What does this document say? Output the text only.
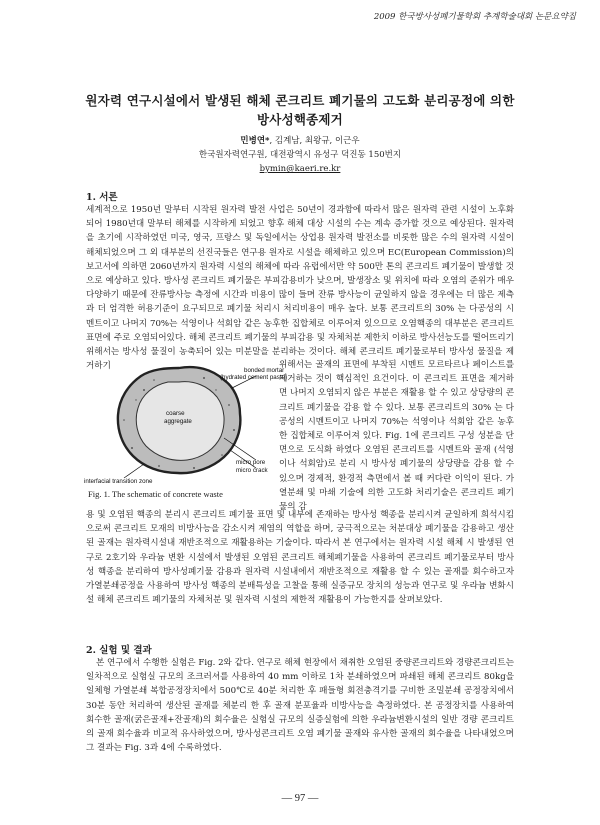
2009 한국방사성폐기물학회 추계학술대회 논문요약집
원자력 연구시설에서 발생된 해체 콘크리트 폐기물의 고도화 분리공정에 의한
방사성핵종제거
민병연*, 김계남, 최왕규, 이근우
한국원자력연구원, 대전광역시 유성구 덕진동 150번지
bymin@kaeri.re.kr
1. 서론

세계적으로 1950년 말부터 시작된 원자력 발전 사업은 50년이 경과함에 따라서 많은 원자력 관련 시설이 노후화되어 1980년대 말부터 해체를 시작하게 되었고 향후 해체 대상 시설의 수는 계속 증가할 것으로 예상된다. 원자력을 초기에 시작하였던 미국, 영국, 프랑스 및 독일에서는 상업용 원자력 발전소를 비롯한 많은 수의 원자력 시설이 해체되었으며 그 외 대부분의 선진국들은 연구용 원자로 시설을 해체하고 있으며 EC(European Commission)의 보고서에 의하면 2060년까지 원자력 시설의 해체에 따라 유럽에서만 약 500만 톤의 콘크리트 폐기물이 발생할 것으로 예상하고 있다. 방사성 콘크리트 폐기물은 부피감용비가 낮으며, 발생장소 및 위치에 따라 오염의 준위가 매우 다양하기 때문에 잔류방사능 측정에 시간과 비용이 많이 들며 잔류 방사능이 균일하지 않을 경우에는 더 많은 제측과 더 엄격한 허용기준이 요구되므로 폐기물 처리시 처리비용이 매우 높다. 보통 콘크리트의 30% 는 다공성의 시멘트이고 나머지 70%는 석영이나 석회암 같은 농후한 집합체로 이루어져 있으므로 오염핵종의 대부분은 콘크리트 표면에 주로 오염되어있다. 해체 콘크리트 폐기물의 부피감용 및 자체처분 제한치 이하로 방사선능도를 떨어뜨리기 위해서는 방사성 물질이 농축되어 있는 미분말을 분리하는 것이다. 해체 콘크리트 폐기물로부터 방사성 물질을 제거하기

coarse
aggregate
bonded mortar
(hydrated cement paste)
micro pore
micro crack
interfacial transition zone
Fig. 1. The schematic of concrete waste

위해서는 골재의 표면에 부착된 시멘트 모르타르나 페이스트를 제거하는 것이 핵심적인 요건이다. 이 콘크리트 표면을 제거하면 나머지 오염되지 않은 부분은 재활용 할 수 있고 상당량의 콘크리트 폐기물을 감용 할 수 있다. 보통 콘크리트의 30% 는 다공성의 시멘트이고 나머지 70%는 석영이나 석회암 같은 농후한 집합체로 이루어져 있다. Fig. 1에 콘크리트 구성 성분을 단면으로 도식화 하였다 오염된 콘크리트를 시멘트와 골재 (석영이나 석회암)로 분리 시 방사성 폐기물의 상당량을 감용 할 수 있으며 경제적, 환경적 측면에서 볼 때 커다란 이익이 된다. 가열분쇄 및 마쇄 기술에 의한 고도화 처리기술은 콘크리트 폐기물의 감

2. 실험 및 결과

본 연구에서 수행한 실험은 Fig. 2와 같다. 연구로 해체 현장에서 채취한 오염된 중량콘크리트와 경량콘크리트는 일차적으로 실험실 규모의 조크러셔를 사용하여 40 mm 이하로 1차 분쇄하였으며 파쇄된 해체 콘크리트 80kg을 일체형 가열분쇄 복합공정장치에서 500℃로 40분 처리한 후 패들형 회전충격기를 구비한 조밀분쇄 공정장치에서 30분 동안 처리하여 생산된 골재를 체분리 한 후 골재 분포율과 비방사능을 측정하였다. 본 공정장치를 사용하여 회수한 골재(굵은골재+잔골재)의 회수율은 실험실 규모의 실증실험에 의한 우라늄변환시설의 일반 경량 콘크리트의 골재 회수율과 비교적 유사하였으며, 방사성콘크리트 오염 폐기물 골재와 유사한 골재의 회수율을 나타내었으며 그 결과는 Fig. 3과 4에 수록하였다.

— 97 —

용 및 오염된 핵종의 분리시 콘크리트 폐기물 표면 및 내부에 존재하는 방사성 핵종을 분리시켜 균일하게 희석시킴으로써 콘크리트 모재의 비방사능을 감소시켜 제염의 역할을 하며, 궁극적으로는 처분대상 폐기물을 감용하고 생산된 골재는 원자력시설내 재반조적으로 재활용하는 기술이다. 따라서 본 연구에서는 원자력 시설 해체 시 발생된 연구로 2호기와 우라늄 변환 시설에서 발생된 오염된 콘크리트 해체폐기물을 사용하여 콘크리트 폐기물로부터 방사성 핵종을 분리하여 방사성폐기물 감용과 원자력 시설내에서 재반조적으로 재활용 할 수 있는 골재를 회수하고자 가열분쇄공정을 사용하여 방사성 핵종의 분배특성을 고찰을 통해 실증규모 장치의 성능과 연구로 및 우라늄 변화시설 해체 콘크리트 폐기물의 자체처분 및 원자력 시설의 제한적 재활용이 가능한지를 살펴보았다.
